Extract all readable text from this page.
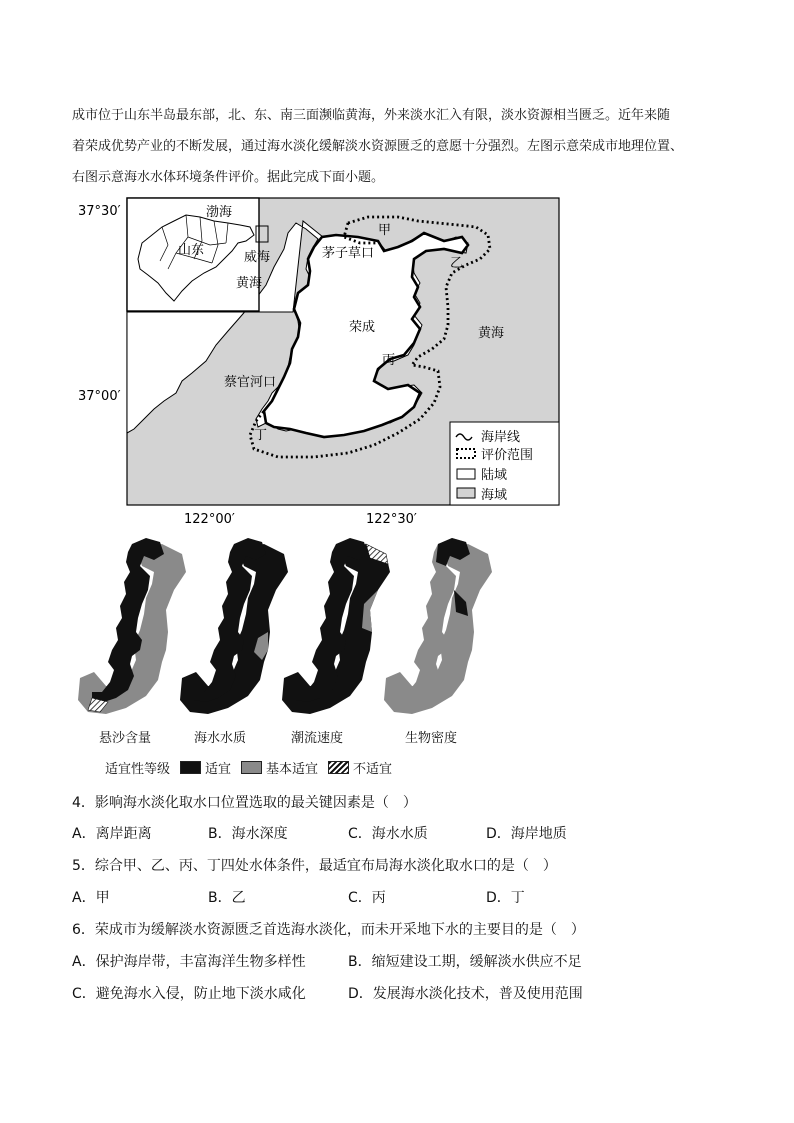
成市位于山东半岛最东部，北、东、南三面濒临黄海，外来淡水汇入有限，淡水资源相当匮乏。近年来随

着荣成优势产业的不断发展，通过海水淡化缓解淡水资源匮乏的意愿十分强烈。左图示意荣成市地理位置、

右图示意海水水体环境条件评价。据此完成下面小题。

渤海
山东	威海
黄海
甲
乙
茅子草口
荣成
丙
黄海
蔡官河口
丁
37°30′
37°00′
122°00′	122°30′
海岸线
评价范围
陆域
海域
悬沙含量	海水水质	潮流速度	生物密度
适宜性等级	适宜	基本适宜	不适宜
4．影响海水淡化取水口位置选取的最关键因素是（　）
A．离岸距离	B．海水深度	C．海水水质	D．海岸地质
5．综合甲、乙、丙、丁四处水体条件，最适宜布局海水淡化取水口的是（　）
A．甲	B．乙	C．丙	D．丁
6．荣成市为缓解淡水资源匮乏首选海水淡化，而未开采地下水的主要目的是（　）
A．保护海岸带，丰富海洋生物多样性	B．缩短建设工期，缓解淡水供应不足
C．避免海水入侵，防止地下淡水咸化	D．发展海水淡化技术，普及使用范围
